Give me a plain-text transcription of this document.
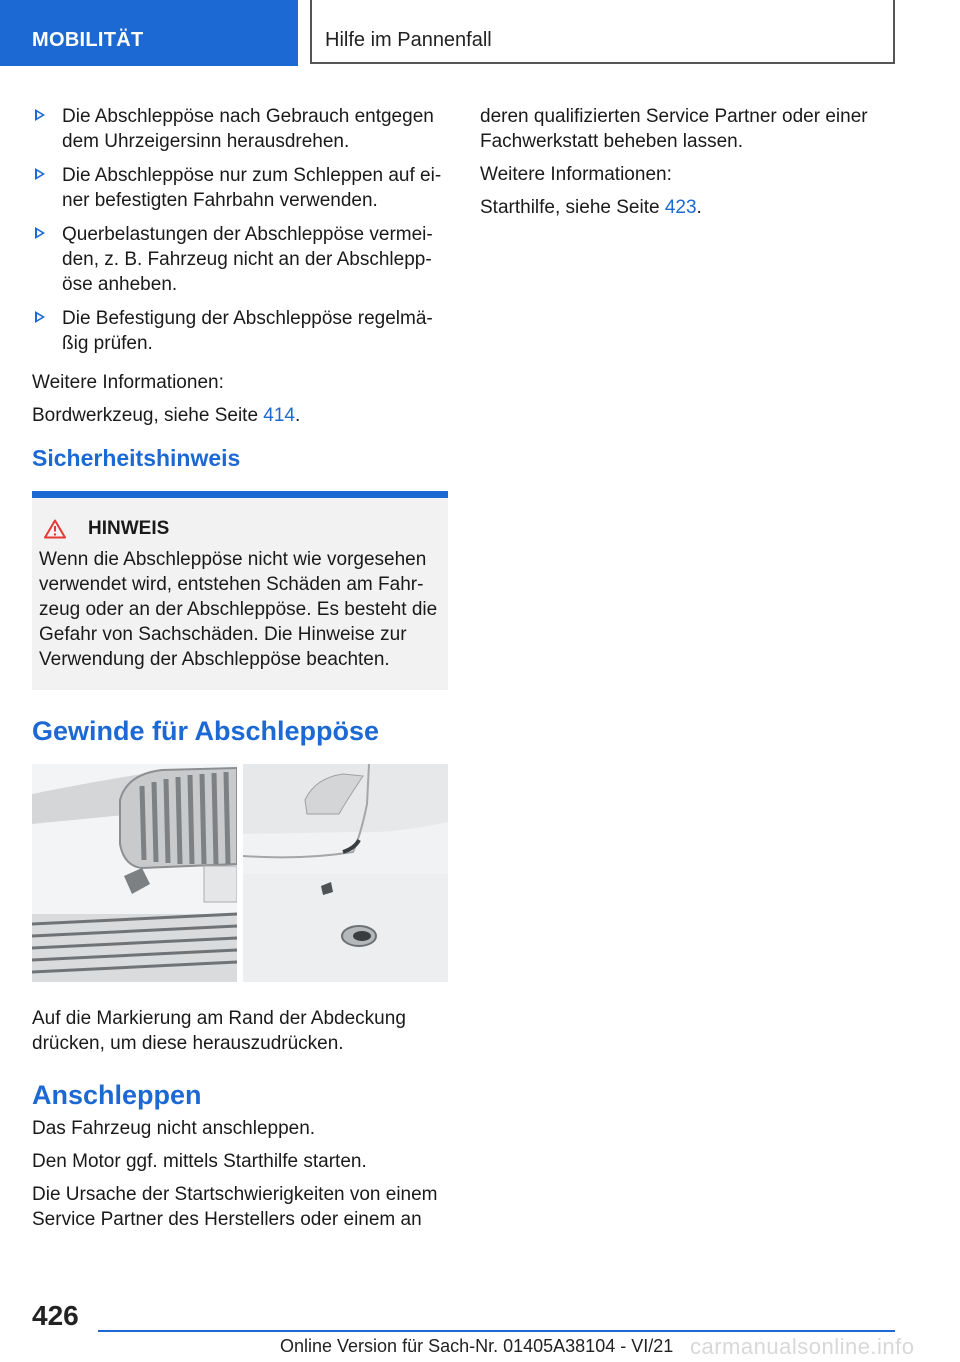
MOBILITÄT	Hilfe im Pannenfall
Die Abschleppöse nach Gebrauch entgegen dem Uhrzeigersinn herausdrehen.
Die Abschleppöse nur zum Schleppen auf einer befestigten Fahrbahn verwenden.
Querbelastungen der Abschleppöse vermeiden, z. B. Fahrzeug nicht an der Abschleppöse anheben.
Die Befestigung der Abschleppöse regelmäßig prüfen.

Weitere Informationen:

Bordwerkzeug, siehe Seite 414.

Sicherheitshinweis
HINWEIS
Wenn die Abschleppöse nicht wie vorgesehen verwendet wird, entstehen Schäden am Fahrzeug oder an der Abschleppöse. Es besteht die Gefahr von Sachschäden. Die Hinweise zur Verwendung der Abschleppöse beachten.
Gewinde für Abschleppöse

Auf die Markierung am Rand der Abdeckung drücken, um diese herauszudrücken.

Anschleppen

Das Fahrzeug nicht anschleppen.

Den Motor ggf. mittels Starthilfe starten.

Die Ursache der Startschwierigkeiten von einem Service Partner des Herstellers oder einem an

deren qualifizierten Service Partner oder einer Fachwerkstatt beheben lassen.

Weitere Informationen:

Starthilfe, siehe Seite 423.

426
Online Version für Sach-Nr. 01405A38104 - VI/21 carmanualsonline.info
